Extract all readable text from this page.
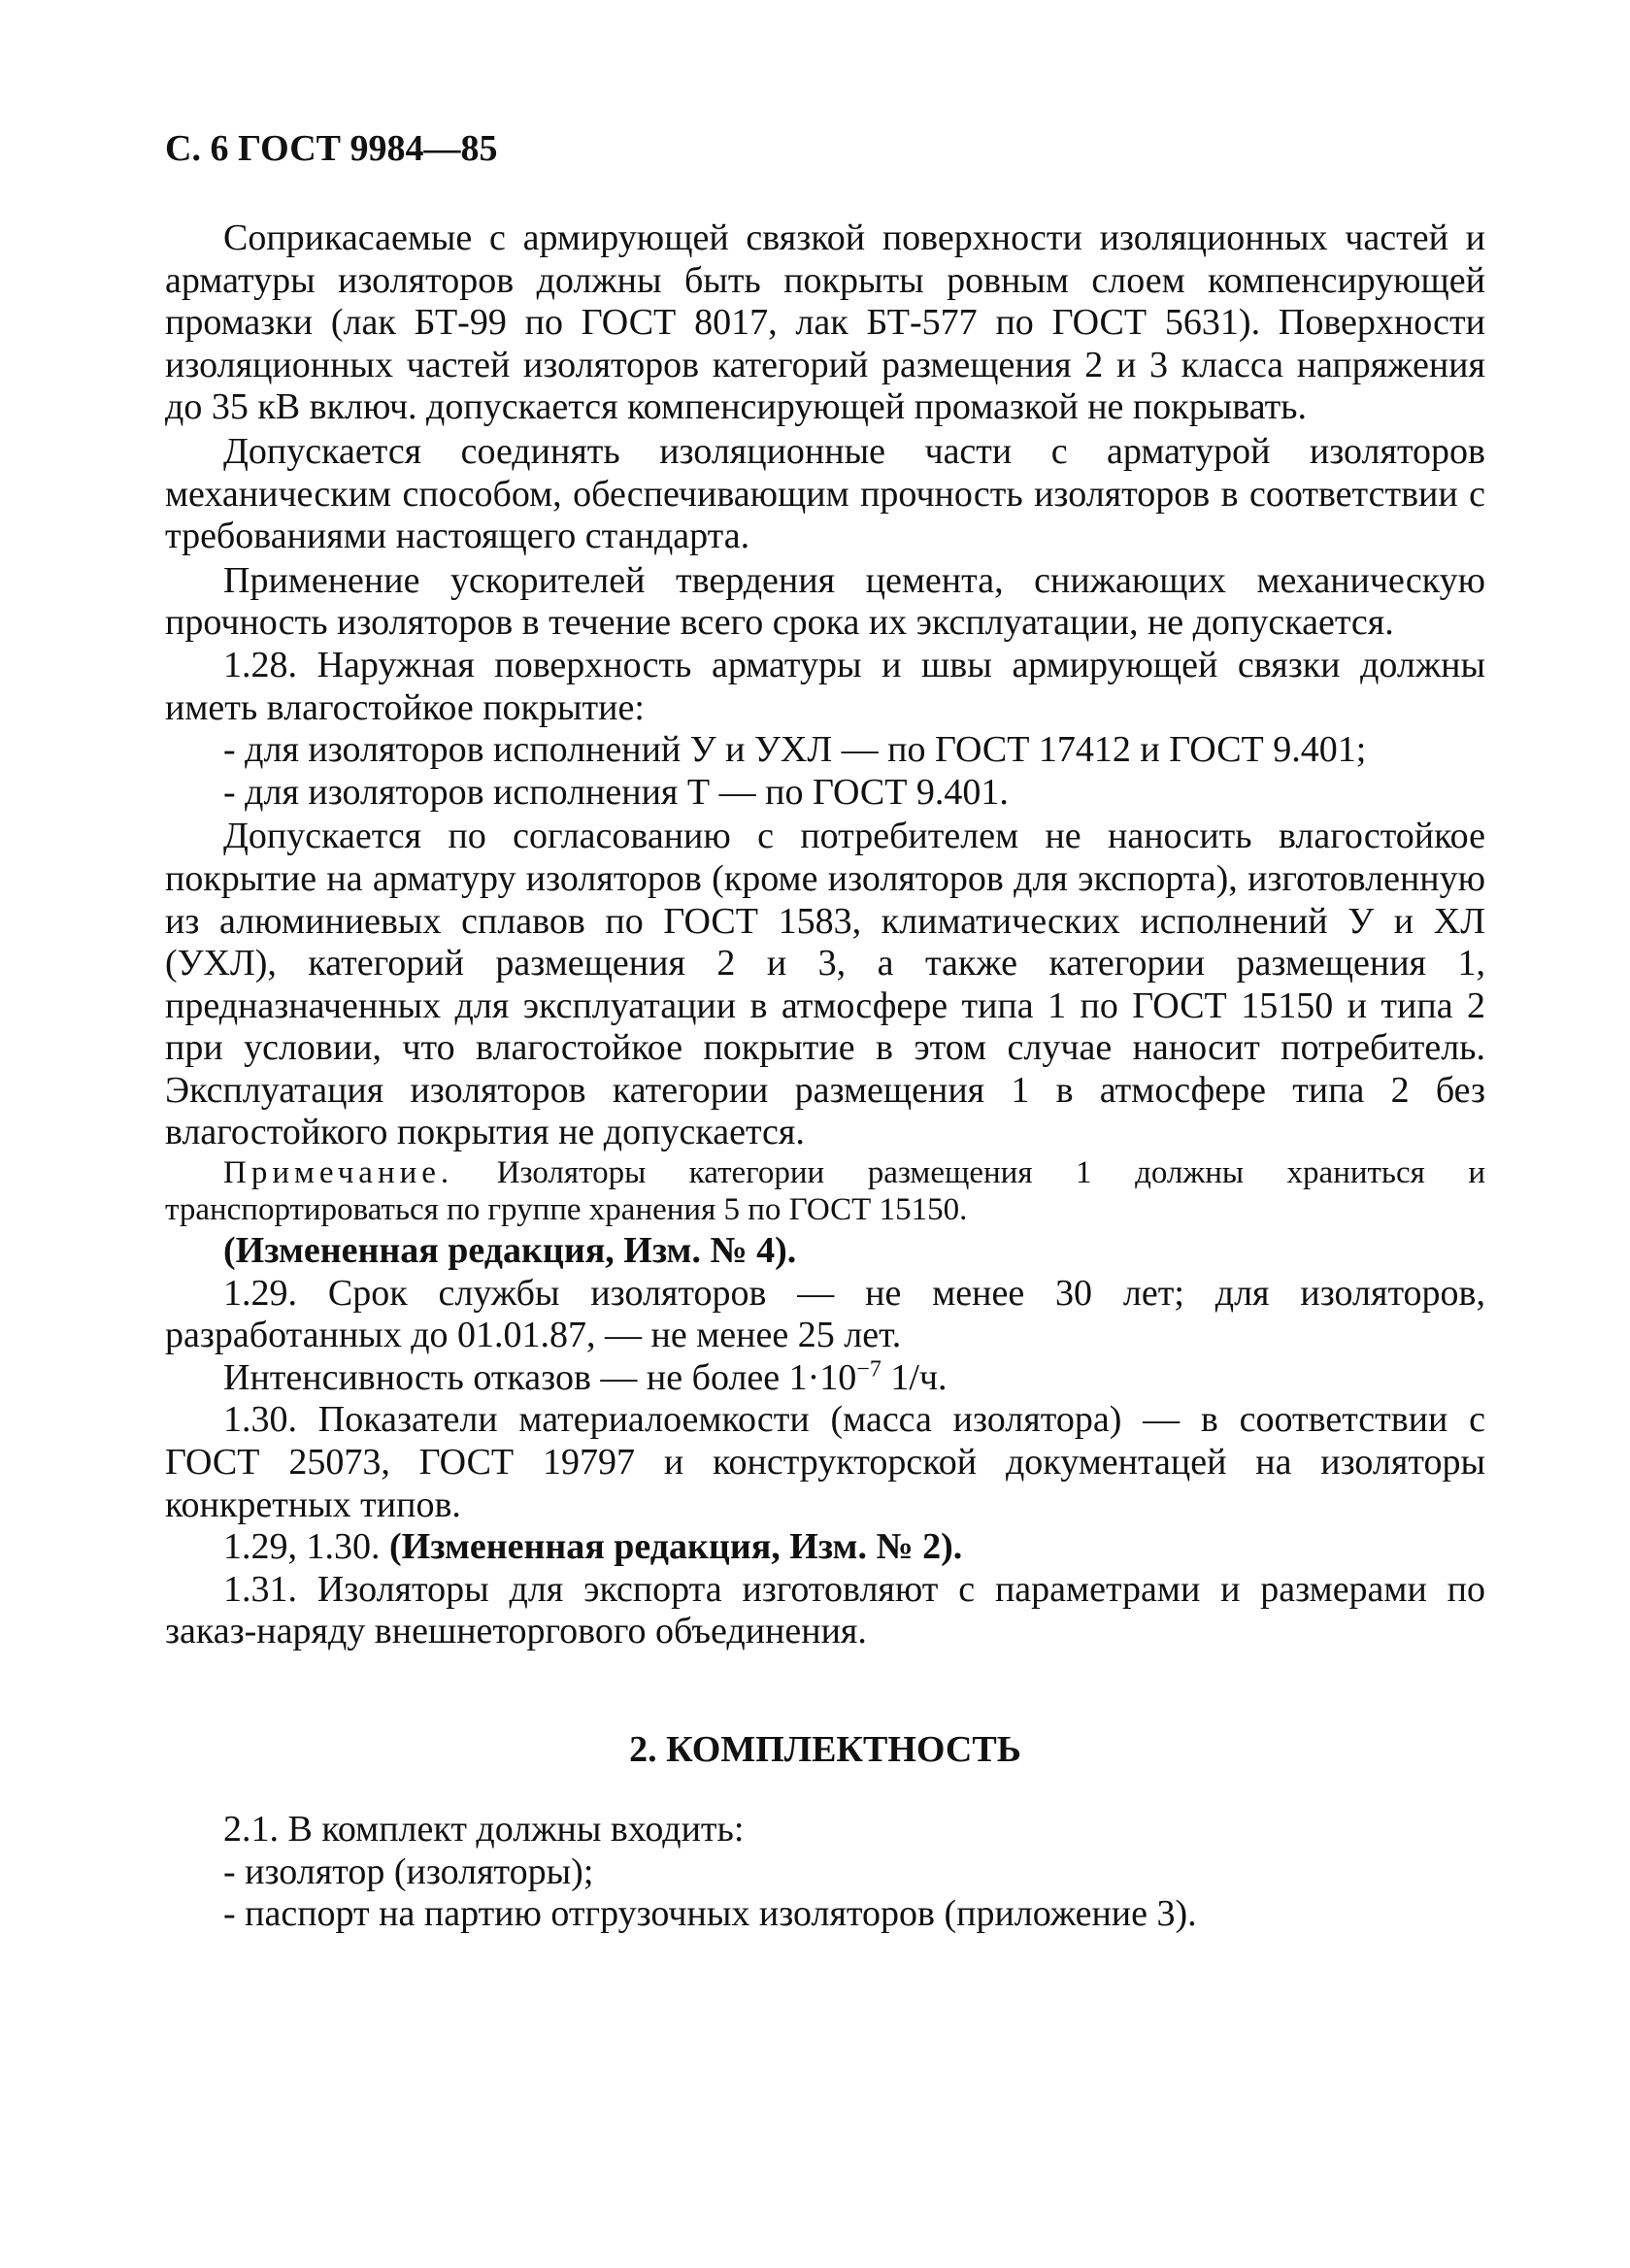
С. 6 ГОСТ 9984—85

Соприкасаемые с армирующей связкой поверхности изоляционных частей и арматуры изоляторов должны быть покрыты ровным слоем компенсирующей промазки (лак БТ-99 по ГОСТ 8017, лак БТ-577 по ГОСТ 5631). Поверхности изоляционных частей изоляторов категорий размещения 2 и 3 класса напряжения до 35 кВ включ. допускается компенсирующей промазкой не покрывать.

Допускается соединять изоляционные части с арматурой изоляторов механическим способом, обеспечивающим прочность изоляторов в соответствии с требованиями настоящего стандарта.

Применение ускорителей твердения цемента, снижающих механическую прочность изоляторов в течение всего срока их эксплуатации, не допускается.

1.28. Наружная поверхность арматуры и швы армирующей связки должны иметь влагостойкое покрытие:

- для изоляторов исполнений У и УХЛ — по ГОСТ 17412 и ГОСТ 9.401;

- для изоляторов исполнения Т — по ГОСТ 9.401.

Допускается по согласованию с потребителем не наносить влагостойкое покрытие на арматуру изоляторов (кроме изоляторов для экспорта), изготовленную из алюминиевых сплавов по ГОСТ 1583, климатических исполнений У и ХЛ (УХЛ), категорий размещения 2 и 3, а также категории размещения 1, предназначенных для эксплуатации в атмосфере типа 1 по ГОСТ 15150 и типа 2 при условии, что влагостойкое покрытие в этом случае наносит потребитель. Эксплуатация изоляторов категории размещения 1 в атмосфере типа 2 без влагостойкого покрытия не допускается.

Примечание. Изоляторы категории размещения 1 должны храниться и транспортироваться по группе хранения 5 по ГОСТ 15150.

(Измененная редакция, Изм. № 4).

1.29. Срок службы изоляторов — не менее 30 лет; для изоляторов, разработанных до 01.01.87, — не менее 25 лет.

Интенсивность отказов — не более $1\cdot 10^{-7}$ 1/ч.

1.30. Показатели материалоемкости (масса изолятора) — в соответствии с ГОСТ 25073, ГОСТ 19797 и конструкторской документацей на изоляторы конкретных типов.

1.29, 1.30. (Измененная редакция, Изм. № 2).

1.31. Изоляторы для экспорта изготовляют с параметрами и размерами по заказ-наряду внешнеторгового объединения.

2. КОМПЛЕКТНОСТЬ

2.1. В комплект должны входить:

- изолятор (изоляторы);

- паспорт на партию отгрузочных изоляторов (приложение 3).
